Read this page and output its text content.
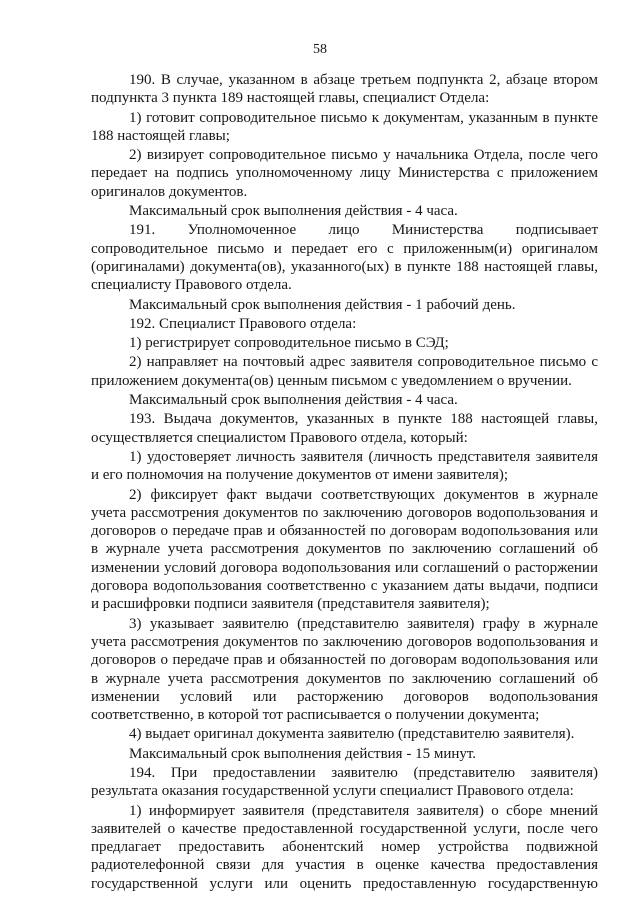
58

190. В случае, указанном в абзаце третьем подпункта 2, абзаце втором подпункта 3 пункта 189 настоящей главы, специалист Отдела:

1) готовит сопроводительное письмо к документам, указанным в пункте 188 настоящей главы;

2) визирует сопроводительное письмо у начальника Отдела, после чего передает на подпись уполномоченному лицу Министерства с приложением оригиналов документов.

Максимальный срок выполнения действия - 4 часа.

191. Уполномоченное лицо Министерства подписывает сопроводительное письмо и передает его с приложенным(и) оригиналом (оригиналами) документа(ов), указанного(ых) в пункте 188 настоящей главы, специалисту Правового отдела.

Максимальный срок выполнения действия - 1 рабочий день.

192. Специалист Правового отдела:

1) регистрирует сопроводительное письмо в СЭД;

2) направляет на почтовый адрес заявителя сопроводительное письмо с приложением документа(ов) ценным письмом с уведомлением о вручении.

Максимальный срок выполнения действия - 4 часа.

193. Выдача документов, указанных в пункте 188 настоящей главы, осуществляется специалистом Правового отдела, который:

1) удостоверяет личность заявителя (личность представителя заявителя и его полномочия на получение документов от имени заявителя);

2) фиксирует факт выдачи соответствующих документов в журнале учета рассмотрения документов по заключению договоров водопользования и договоров о передаче прав и обязанностей по договорам водопользования или в журнале учета рассмотрения документов по заключению соглашений об изменении условий договора водопользования или соглашений о расторжении договора водопользования соответственно с указанием даты выдачи, подписи и расшифровки подписи заявителя (представителя заявителя);

3) указывает заявителю (представителю заявителя) графу в журнале учета рассмотрения документов по заключению договоров водопользования и договоров о передаче прав и обязанностей по договорам водопользования или в журнале учета рассмотрения документов по заключению соглашений об изменении условий или расторжению договоров водопользования соответственно, в которой тот расписывается о получении документа;

4) выдает оригинал документа заявителю (представителю заявителя).

Максимальный срок выполнения действия - 15 минут.

194. При предоставлении заявителю (представителю заявителя) результата оказания государственной услуги специалист Правового отдела:

1) информирует заявителя (представителя заявителя) о сборе мнений заявителей о качестве предоставленной государственной услуги, после чего предлагает предоставить абонентский номер устройства подвижной радиотелефонной связи для участия в оценке качества предоставления государственной услуги или оценить предоставленную государственную
